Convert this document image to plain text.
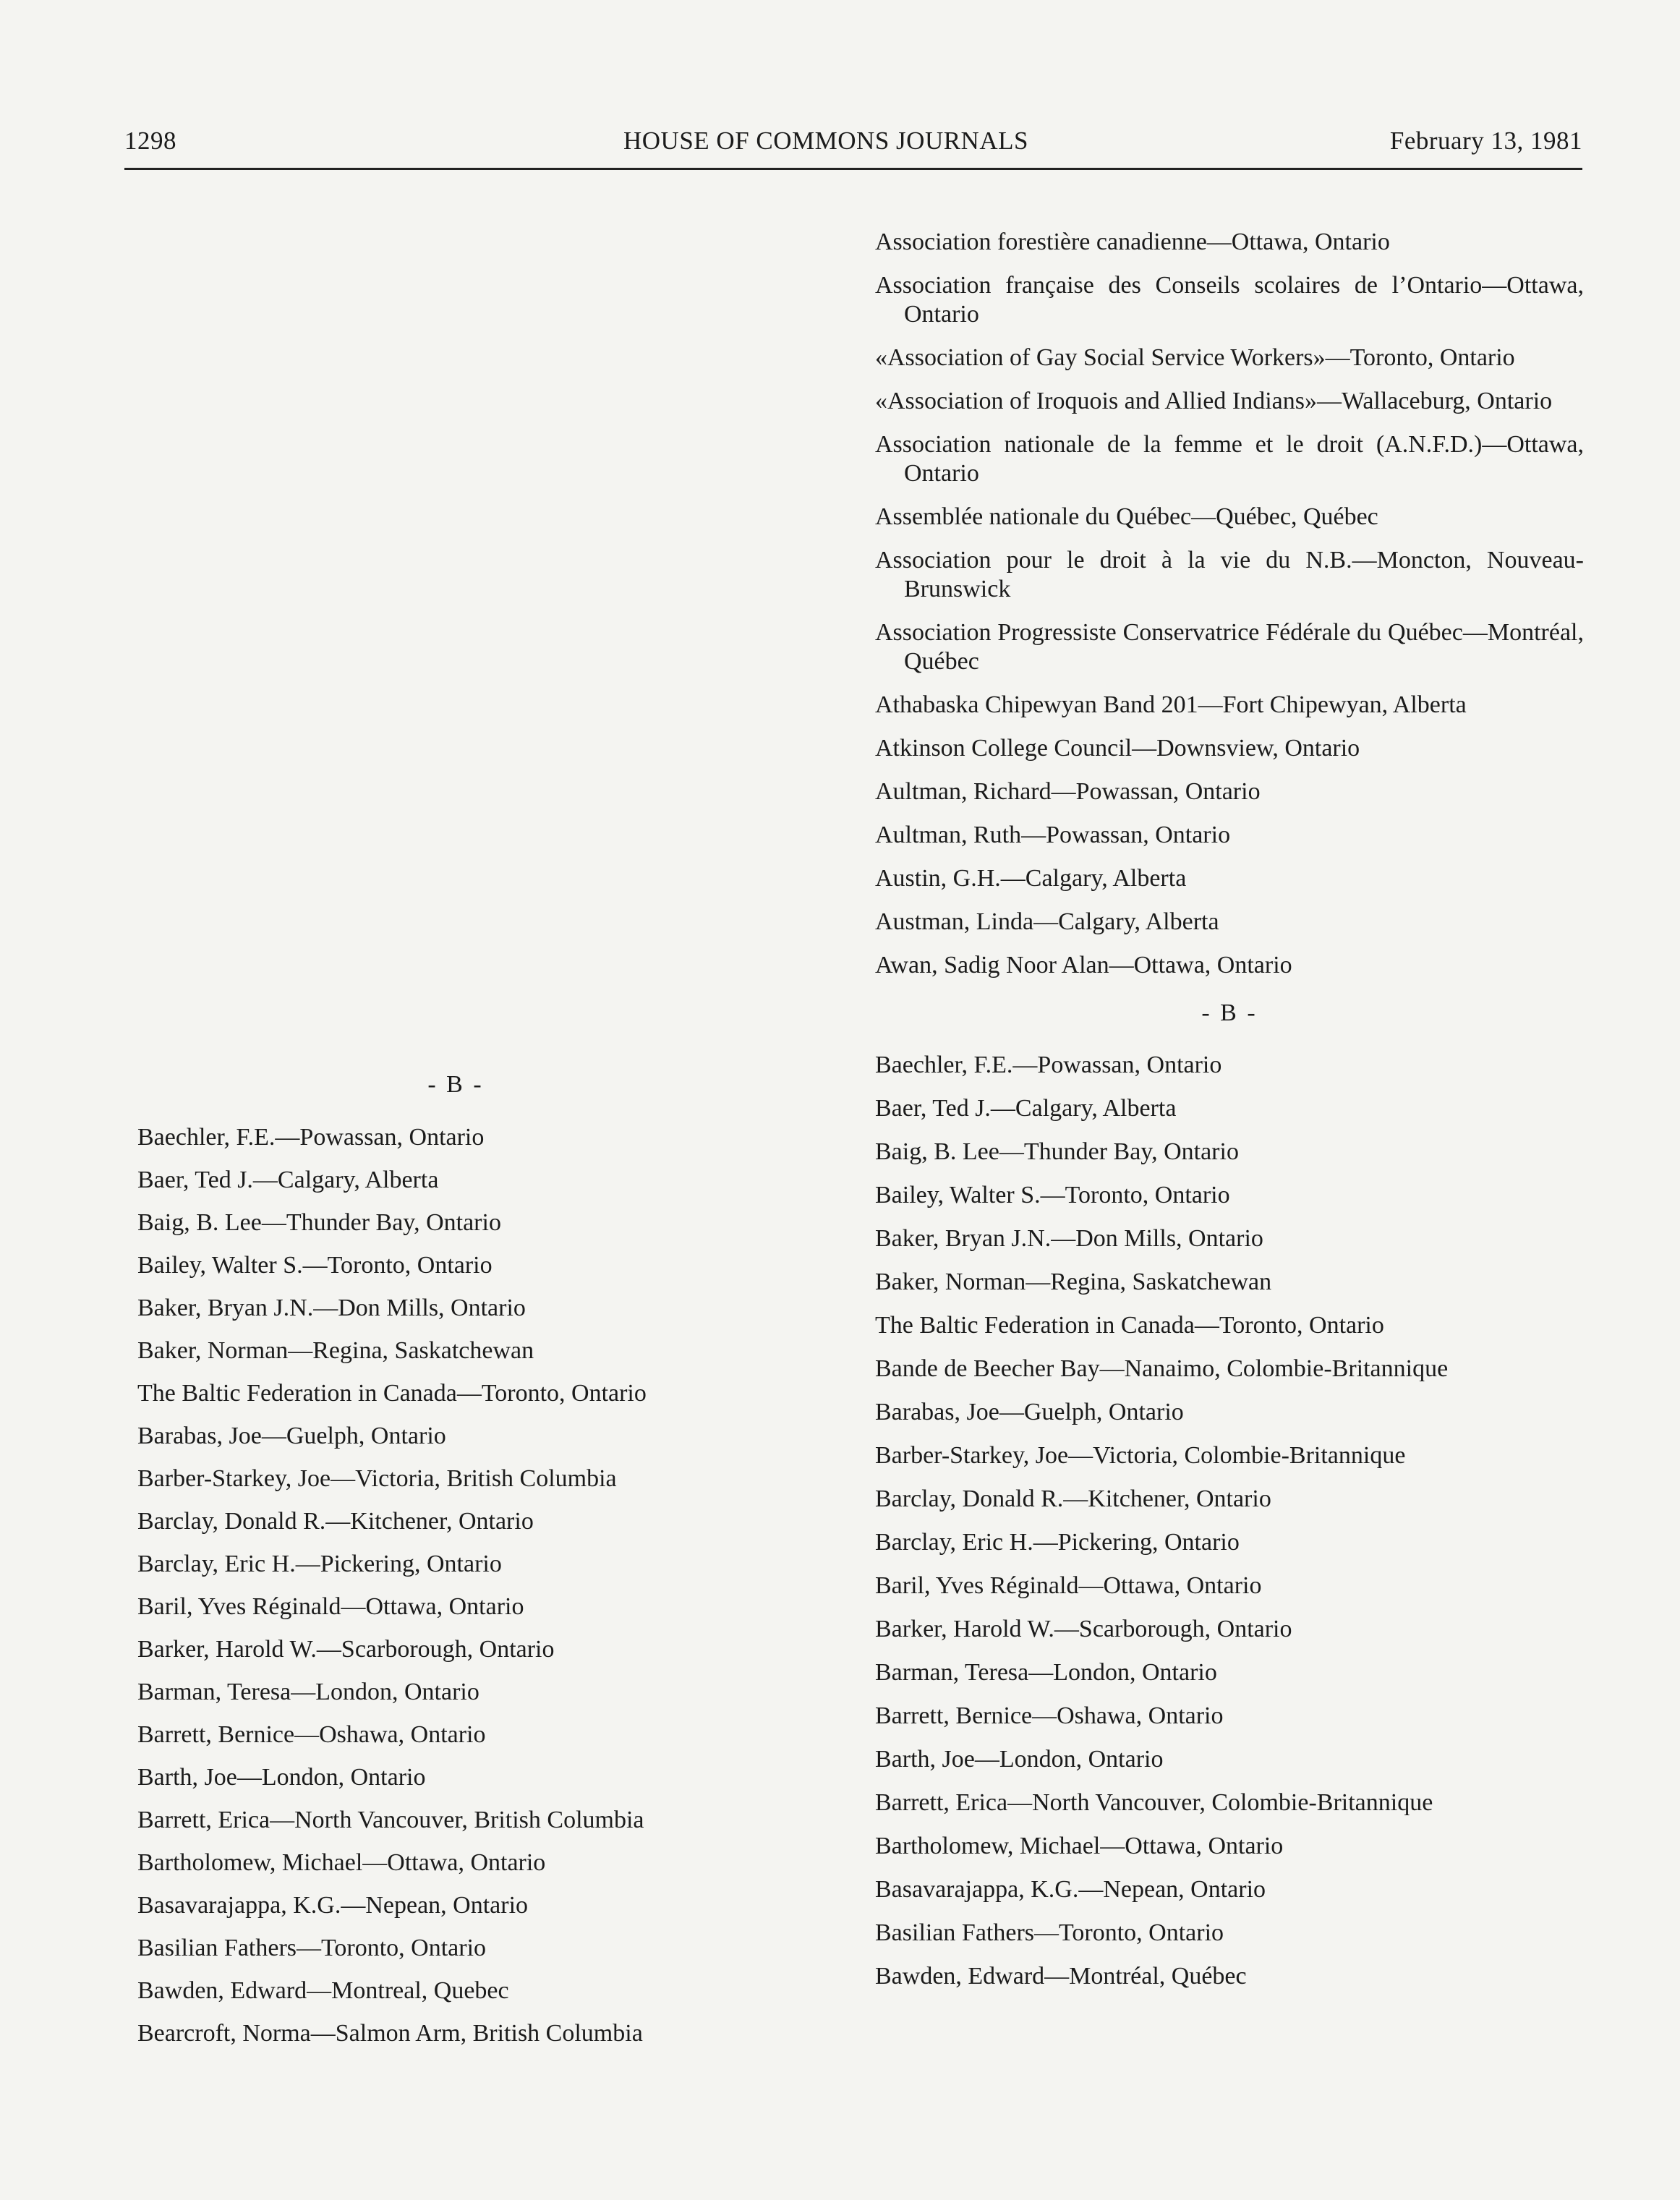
1298	HOUSE OF COMMONS JOURNALS	February 13, 1981
- B -

Baechler, F.E.—Powassan, Ontario

Baer, Ted J.—Calgary, Alberta

Baig, B. Lee—Thunder Bay, Ontario

Bailey, Walter S.—Toronto, Ontario

Baker, Bryan J.N.—Don Mills, Ontario

Baker, Norman—Regina, Saskatchewan

The Baltic Federation in Canada—Toronto, Ontario

Barabas, Joe—Guelph, Ontario

Barber-Starkey, Joe—Victoria, British Columbia

Barclay, Donald R.—Kitchener, Ontario

Barclay, Eric H.—Pickering, Ontario

Baril, Yves Réginald—Ottawa, Ontario

Barker, Harold W.—Scarborough, Ontario

Barman, Teresa—London, Ontario

Barrett, Bernice—Oshawa, Ontario

Barth, Joe—London, Ontario

Barrett, Erica—North Vancouver, British Columbia

Bartholomew, Michael—Ottawa, Ontario

Basavarajappa, K.G.—Nepean, Ontario

Basilian Fathers—Toronto, Ontario

Bawden, Edward—Montreal, Quebec

Bearcroft, Norma—Salmon Arm, British Columbia

Association forestière canadienne—Ottawa, Ontario

Association française des Conseils scolaires de l’Ontario—Ottawa, Ontario

«Association of Gay Social Service Workers»—Toronto, Ontario

«Association of Iroquois and Allied Indians»—Wallaceburg, Ontario

Association nationale de la femme et le droit (A.N.F.D.)—Ottawa, Ontario

Assemblée nationale du Québec—Québec, Québec

Association pour le droit à la vie du N.B.—Moncton, Nouveau-Brunswick

Association Progressiste Conservatrice Fédérale du Québec—Montréal, Québec

Athabaska Chipewyan Band 201—Fort Chipewyan, Alberta

Atkinson College Council—Downsview, Ontario

Aultman, Richard—Powassan, Ontario

Aultman, Ruth—Powassan, Ontario

Austin, G.H.—Calgary, Alberta

Austman, Linda—Calgary, Alberta

Awan, Sadig Noor Alan—Ottawa, Ontario

- B -

Baechler, F.E.—Powassan, Ontario

Baer, Ted J.—Calgary, Alberta

Baig, B. Lee—Thunder Bay, Ontario

Bailey, Walter S.—Toronto, Ontario

Baker, Bryan J.N.—Don Mills, Ontario

Baker, Norman—Regina, Saskatchewan

The Baltic Federation in Canada—Toronto, Ontario

Bande de Beecher Bay—Nanaimo, Colombie-Britannique

Barabas, Joe—Guelph, Ontario

Barber-Starkey, Joe—Victoria, Colombie-Britannique

Barclay, Donald R.—Kitchener, Ontario

Barclay, Eric H.—Pickering, Ontario

Baril, Yves Réginald—Ottawa, Ontario

Barker, Harold W.—Scarborough, Ontario

Barman, Teresa—London, Ontario

Barrett, Bernice—Oshawa, Ontario

Barth, Joe—London, Ontario

Barrett, Erica—North Vancouver, Colombie-Britannique

Bartholomew, Michael—Ottawa, Ontario

Basavarajappa, K.G.—Nepean, Ontario

Basilian Fathers—Toronto, Ontario

Bawden, Edward—Montréal, Québec
